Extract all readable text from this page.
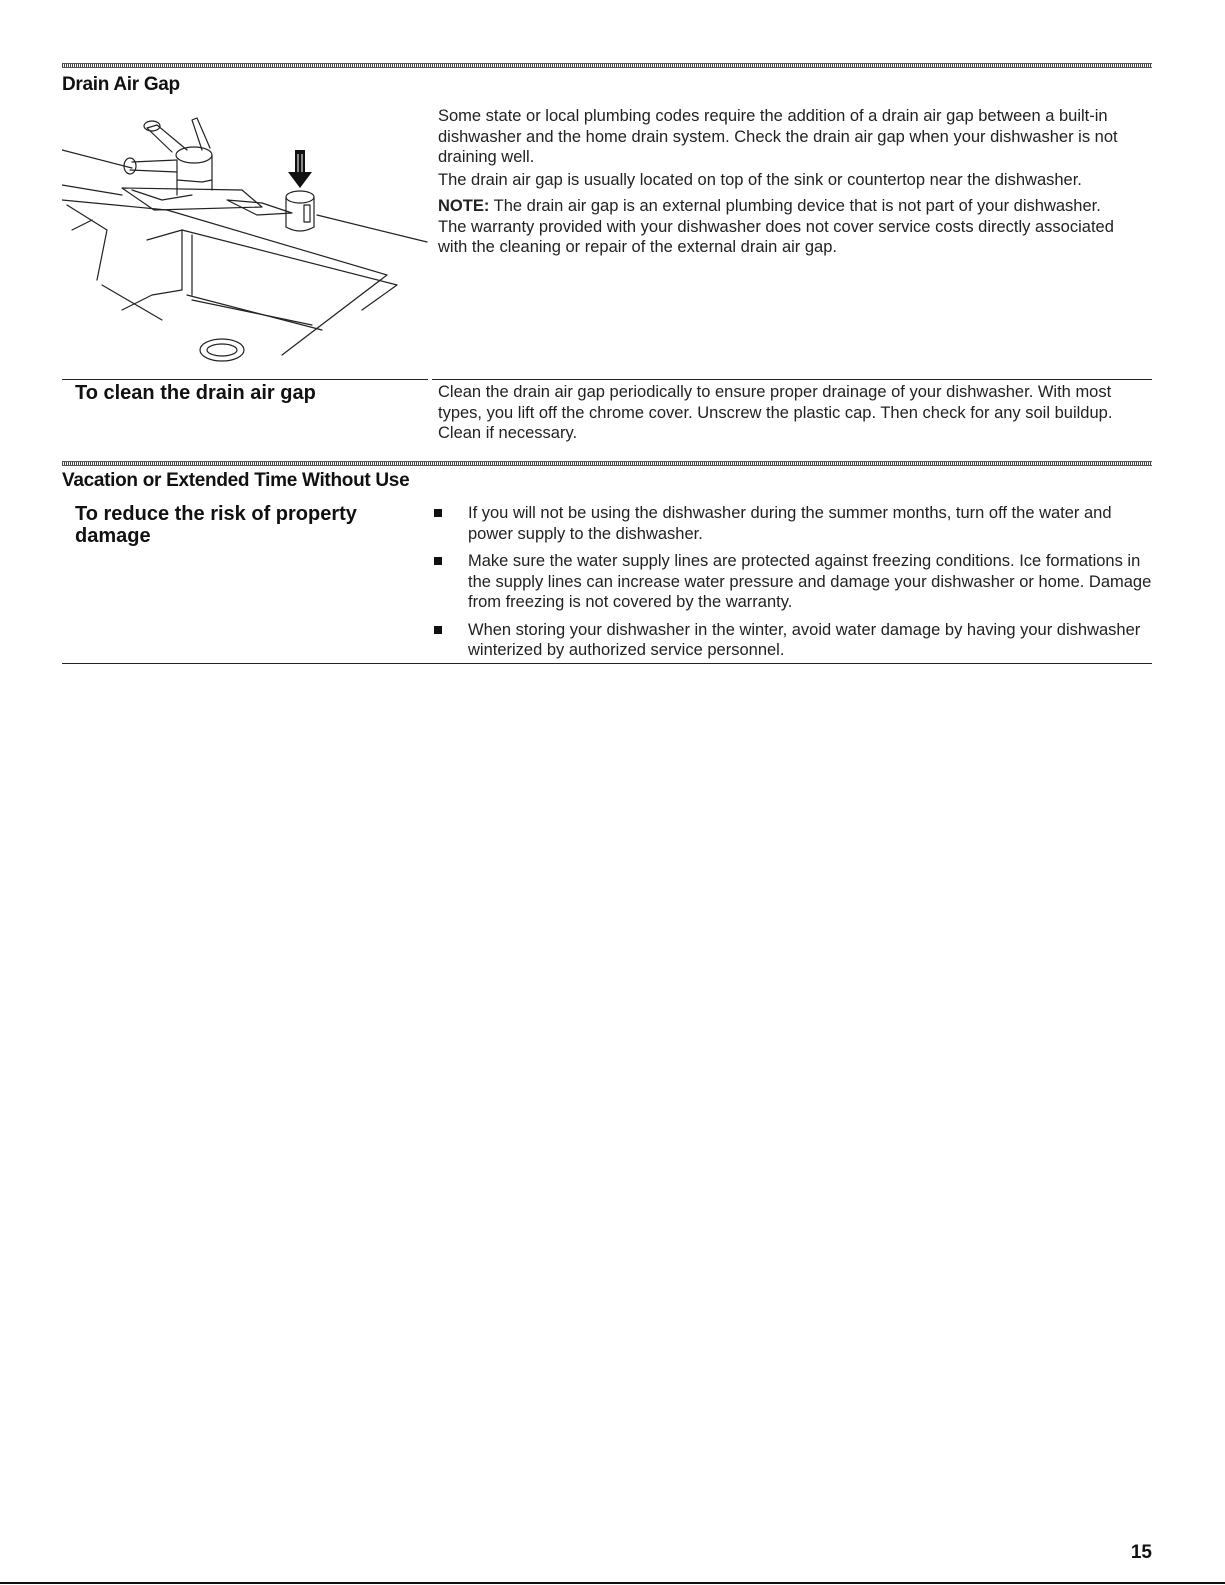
Drain Air Gap
Some state or local plumbing codes require the addition of a drain air gap between a built-in dishwasher and the home drain system. Check the drain air gap when your dishwasher is not draining well.
The drain air gap is usually located on top of the sink or countertop near the dishwasher.
NOTE: The drain air gap is an external plumbing device that is not part of your dishwasher. The warranty provided with your dishwasher does not cover service costs directly associated with the cleaning or repair of the external drain air gap.
To clean the drain air gap	Clean the drain air gap periodically to ensure proper drainage of your dishwasher. With most types, you lift off the chrome cover. Unscrew the plastic cap. Then check for any soil buildup. Clean if necessary.
Vacation or Extended Time Without Use
To reduce the risk of property damage
If you will not be using the dishwasher during the summer months, turn off the water and power supply to the dishwasher.
Make sure the water supply lines are protected against freezing conditions. Ice formations in the supply lines can increase water pressure and damage your dishwasher or home. Damage from freezing is not covered by the warranty.
When storing your dishwasher in the winter, avoid water damage by having your dishwasher winterized by authorized service personnel.
15
